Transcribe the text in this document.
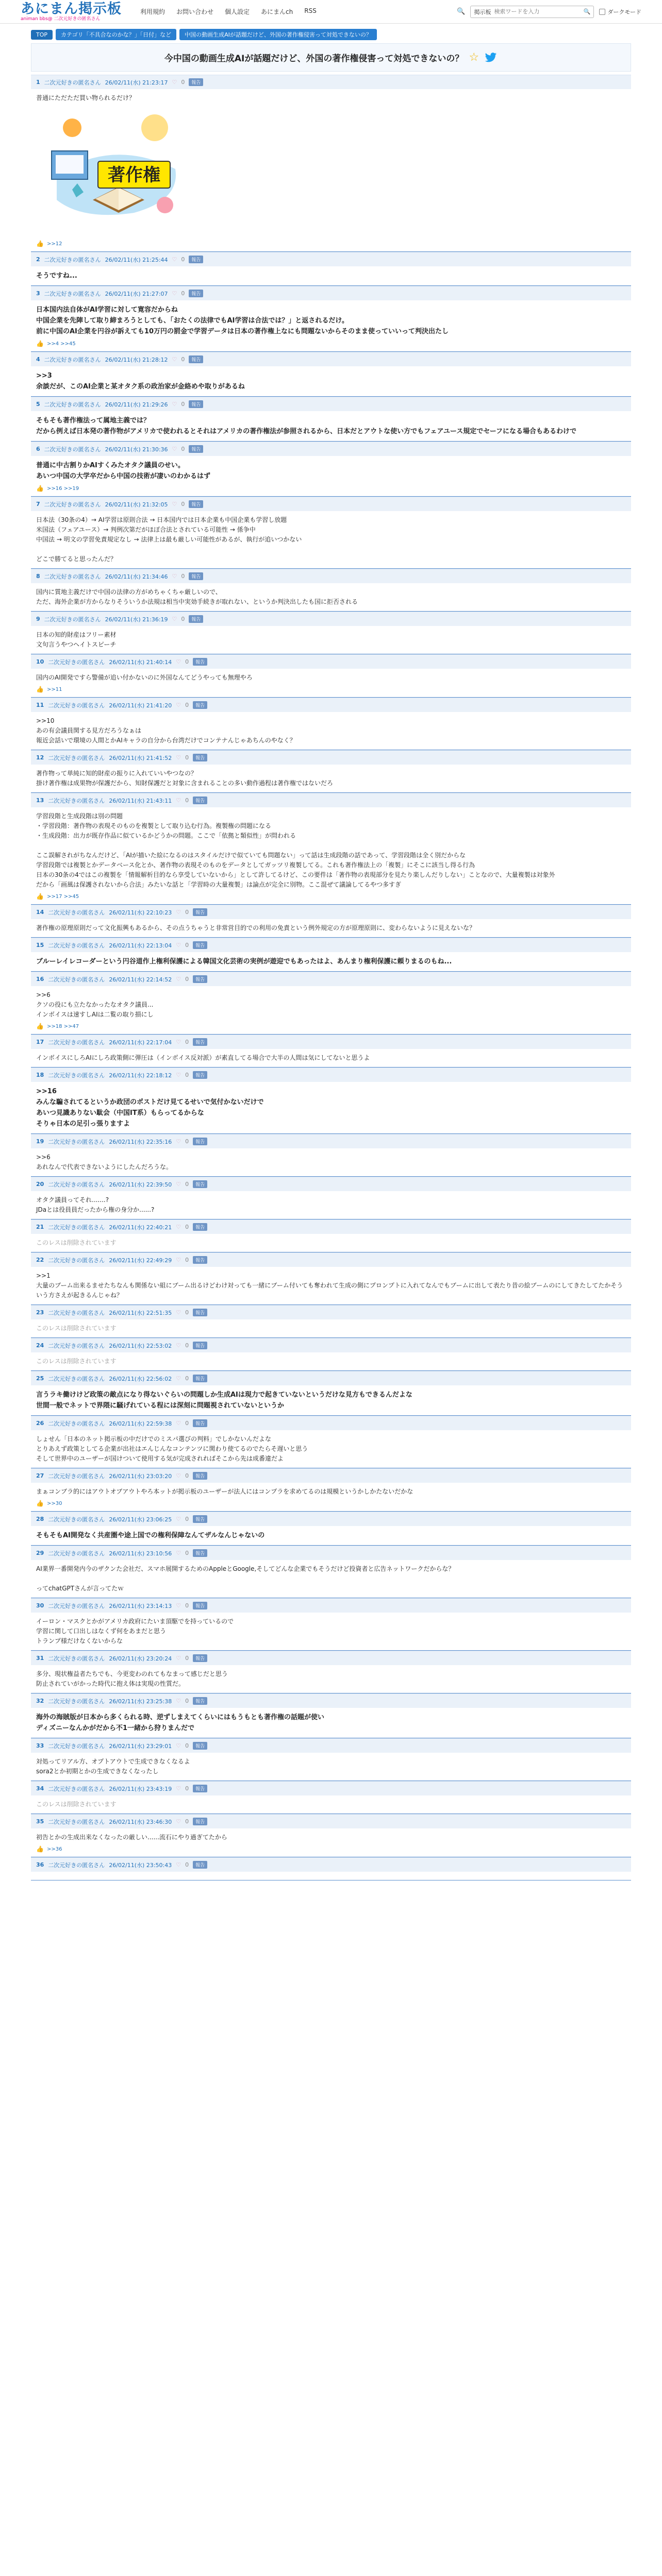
あにまん掲示板
animan bbs@ 二次元好きの匿名さん
利用規約 お問い合わせ 個人設定 あにまんch RSS	🔍 掲示板
検索ワードを入力	🔍	ダークモード
TOP	カテゴリ「不具合なのかな？」「日付」など	中国の動画生成AIが話題だけど、外国の著作権侵害って対処できないの？
今中国の動画生成AIが話題だけど、外国の著作権侵害って対処できないの？ ☆
1 二次元好きの匿名さん 26/02/11(水) 21:23:17 ♡ 0	報告
普通にただただ買い物られるだけ？
著作権
👍 >>12
2 二次元好きの匿名さん 26/02/11(水) 21:25:44 ♡ 0	報告
そうですね...
3 二次元好きの匿名さん 26/02/11(水) 21:27:07 ♡ 0	報告
日本国内法自体がAI学習に対して寛容だからね
中国企業を先陣して取り締まろうとしても、「おたくの法律でもAI学習は合法では？」と返されるだけ。
前に中国のAI企業を円谷が訴えても10万円の罰金で学習データは日本の著作権上なにも問題ないからそのまま使っていいって判決出たし
👍 >>4 >>45
4 二次元好きの匿名さん 26/02/11(水) 21:28:12 ♡ 0	報告
>>3
余談だが、このAI企業と某オタク系の政治家が金絡めや取りがあるね
5 二次元好きの匿名さん 26/02/11(水) 21:29:26 ♡ 0	報告
そもそも著作権法って属地主義では？
だから例えば日本発の著作物がアメリカで使われるとそれはアメリカの著作権法が参照されるから、日本だとアウトな使い方でもフェアユース規定でセーフになる場合もあるわけで
6 二次元好きの匿名さん 26/02/11(水) 21:30:36 ♡ 0	報告
普通に中古割りかAIすくみたオタク議員のせい。
あいつ中国の大学卒だから中国の技術が凄いのわかるはず
👍 >>16 >>19
7 二次元好きの匿名さん 26/02/11(水) 21:32:05 ♡ 0	報告
日本法（30条の4）→ AI学習は原則合法 → 日本国内では日本企業も中国企業も学習し放題
米国法（フェアユース）→ 判例次第だがほぼ合法とされている可能性 → 係争中
中国法 → 明文の学習免責規定なし → 法律上は最も厳しい可能性があるが、執行が追いつかない

どこで勝てると思ったんだ？
8 二次元好きの匿名さん 26/02/11(水) 21:34:46 ♡ 0	報告
国内に質地主義だけで中国の法律の方がめちゃくちゃ厳しいので、
ただ、海外企業が方からなりそういうか法規は相当中実効手続きが取れない、というか判決出したも国に拒否される
9 二次元好きの匿名さん 26/02/11(水) 21:36:19 ♡ 0	報告
日本の知的財産はフリー素材
文句言うやつヘイトスピーチ
10 二次元好きの匿名さん 26/02/11(水) 21:40:14 ♡ 0	報告
国内のAI開発ですら警備が追い付かないのに外国なんてどうやっても無理やろ
👍 >>11
11 二次元好きの匿名さん 26/02/11(水) 21:41:20 ♡ 0	報告
>>10
あの有会議員関する見方だろうなぁは
報近会話いで環境の人間とかAIキャラの自分から台湾だけでコンテナんじゃあちんのやなく？
12 二次元好きの匿名さん 26/02/11(水) 21:41:52 ♡ 0	報告
著作物って単純に知的財産の振りに入れていいやつなの？
掛け著作権は成果物が保護だから、知財保護だと対象に含まれることの多い動作過程は著作権ではないだろ
13 二次元好きの匿名さん 26/02/11(水) 21:43:11 ♡ 0	報告
学習段階と生成段階は別の問題
・学習段階：著作物の表現そのものを複製として取り込む行為。複製権の問題になる
・生成段階：出力が既存作品に似ているかどうかの問題。ここで「依拠と類似性」が問われる

ここ誤解されがちなんだけど、「AIが描いた絵になるのはスタイルだけで似ていても問題ない」って話は生成段階の話であって、学習段階は全く別だからな
学習段階では複製とかデータベース化とか、著作物の表現そのものをデータとしてガッツリ複製してる。これも著作権法上の「複製」にそこに該当し得る行為
日本の30条の4ではこの複製を「情報解析目的なら享受していないから」として許してるけど、この要件は「著作物の表現部分を見たり楽しんだりしない」ことなので、大量複製は対象外
だから「画風は保護されないから合法」みたいな話と「学習時の大量複製」は論点が完全に別物。ここ混ぜて議論してるやつ多すぎ
👍 >>17 >>45
14 二次元好きの匿名さん 26/02/11(水) 22:10:23 ♡ 0	報告
著作権の原理原則だって文化振興もあるから、その点うちゃうと非常営目的での利用の免責という例外規定の方が原理原則に、変わらないように見えないな？
15 二次元好きの匿名さん 26/02/11(水) 22:13:04 ♡ 0	報告
ブルーレイレコーダーという円谷道作上権利保護による韓国文化芸術の実例が遊迎でもあったはよ、あんまり権利保護に頼りまるのもね...
16 二次元好きの匿名さん 26/02/11(水) 22:14:52 ♡ 0	報告
>>6
クソの役にも立たなかったなオタク議員...
インボイスは速すしAIは二覧の取り損にし
👍 >>18 >>47
17 二次元好きの匿名さん 26/02/11(水) 22:17:04 ♡ 0	報告
インボイスにしろAIにしろ政策側に弾圧は（インボイス反対派）が素直してる場合で大半の人間は気にしてないと思うよ
18 二次元好きの匿名さん 26/02/11(水) 22:18:12 ♡ 0	報告
>>16
みんな騙されてるというか政団のポストだけ見てるせいで気付かないだけで
あいつ見識ありない駄会（中国IT系）もらってるからな
そりゃ日本の足引っ張りますよ
19 二次元好きの匿名さん 26/02/11(水) 22:35:16 ♡ 0	報告
>>6
あれなんで代表できないようにしたんだろうな。
20 二次元好きの匿名さん 26/02/11(水) 22:39:50 ♡ 0	報告
オタク議員ってそれ.......?
JDaとは役員員だったから権の身分か......?
21 二次元好きの匿名さん 26/02/11(水) 22:40:21 ♡ 0	報告
このレスは削除されています
22 二次元好きの匿名さん 26/02/11(水) 22:49:29 ♡ 0	報告
>>1
大量のブーム出来るませたちなんも関係ない組にブーム出るけどわけ対っても一緒にブーム付いても奪われて生成の側にプロンプトに入れてなんでもブームに出して表たり昔の絵ブームのにしてきたしてたかそういう方さえが起きるんじゃね？
23 二次元好きの匿名さん 26/02/11(水) 22:51:35 ♡ 0	報告
このレスは削除されています
24 二次元好きの匿名さん 26/02/11(水) 22:53:02 ♡ 0	報告
このレスは削除されています
25 二次元好きの匿名さん 26/02/11(水) 22:56:02 ♡ 0	報告
言うラキ働けけど政策の敵点になり得ないぐらいの問題しか生成AIは現力で起きていないというだけな見方もできるんだよな
世間一般でネットで界隈に騒げれている程には深刻に問題視されていないというか
26 二次元好きの匿名さん 26/02/11(水) 22:59:38 ♡ 0	報告
しょせん「日本のネット掲示板の中だけでのミスパ選びの判料」でしかないんだよな
とりあえず政策としてる企業が出社はエんじんなコンテンツに関わり使てるのでたらそ遅いと思う
そして世界中のユーザーが国けついて使用する気が完成されればそこから先は成番違だよ
27 二次元好きの匿名さん 26/02/11(水) 23:03:20 ♡ 0	報告
まぁコンブラ的にはアウトオブアウトやろ本ットが掲示板のユーザーが法人にはコンプラを求めてるのは規模というかしかたないだかな
👍 >>30
28 二次元好きの匿名さん 26/02/11(水) 23:06:25 ♡ 0	報告
そもそもAI開発なく共産圏や途上国での権利保障なんてザルなんじゃないの
29 二次元好きの匿名さん 26/02/11(水) 23:10:56 ♡ 0	報告
AI業界一番開発内今のザクンた会社だ、スマホ展開するためのAppleとGoogle,そしてどんな企業でもそうだけど投資者と広告ネットワークだからな？

ってchatGPTさんが言ってたｗ
30 二次元好きの匿名さん 26/02/11(水) 23:14:13 ♡ 0	報告
イーロン・マスクとかがアメリカ政府にたいま頂駆でを持っているので
学習に関して口出しはなくず何をあまだと思う
トランプ様だけなくないからな
31 二次元好きの匿名さん 26/02/11(水) 23:20:24 ♡ 0	報告
多分、現状権益者たちでも、今更変わのれてもなまって感じだと思う
防止されていがかった時代に抱え体は実現の性質だ。
32 二次元好きの匿名さん 26/02/11(水) 23:25:38 ♡ 0	報告
海外の海賊版が日本から多くられる時、逆ずしまえてくらいにはもうもとも著作権の話題が使い
ディズニーなんかがだから不1一緒から狩りまんだで
33 二次元好きの匿名さん 26/02/11(水) 23:29:01 ♡ 0	報告
対処ってリアル方、オプトアウトで生成できなくなるよ
sora2とか初期とかの生成できなくなったし
34 二次元好きの匿名さん 26/02/11(水) 23:43:19 ♡ 0	報告
このレスは削除されています
35 二次元好きの匿名さん 26/02/11(水) 23:46:30 ♡ 0	報告
初告とかの生成出来なくなったの厳しい......流石にやり過ぎてたから
👍 >>36
36 二次元好きの匿名さん 26/02/11(水) 23:50:43 ♡ 0	報告
